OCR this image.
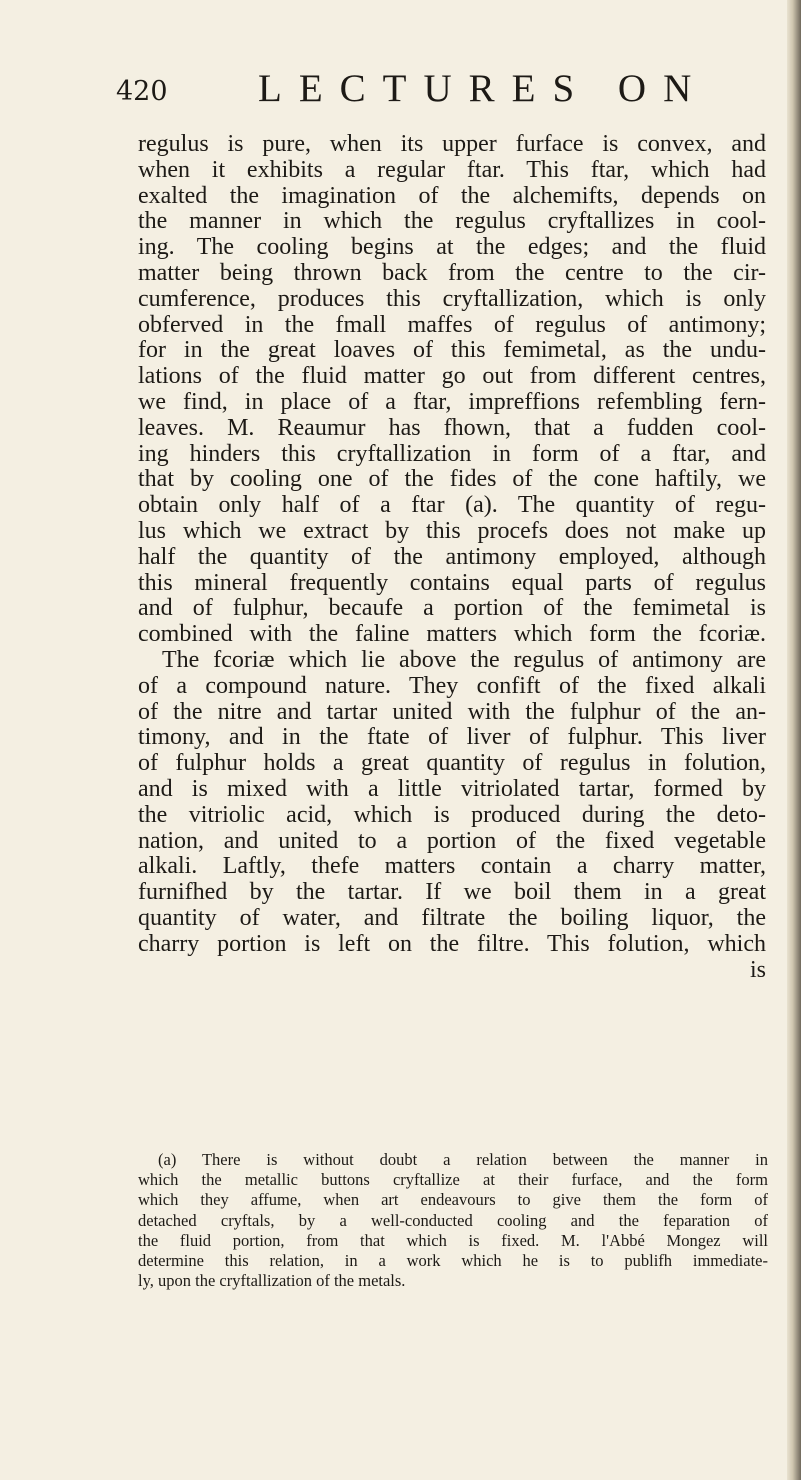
420 LECTURES ON
regulus is pure, when its upper furface is convex, and
when it exhibits a regular ftar. This ftar, which had
exalted the imagination of the alchemifts, depends on
the manner in which the regulus cryftallizes in cool-
ing. The cooling begins at the edges; and the fluid
matter being thrown back from the centre to the cir-
cumference, produces this cryftallization, which is only
obferved in the fmall maffes of regulus of antimony;
for in the great loaves of this femimetal, as the undu-
lations of the fluid matter go out from different centres,
we find, in place of a ftar, impreffions refembling fern-
leaves. M. Reaumur has fhown, that a fudden cool-
ing hinders this cryftallization in form of a ftar, and
that by cooling one of the fides of the cone haftily, we
obtain only half of a ftar (a). The quantity of regu-
lus which we extract by this procefs does not make up
half the quantity of the antimony employed, although
this mineral frequently contains equal parts of regulus
and of fulphur, becaufe a portion of the femimetal is
combined with the faline matters which form the fcoriæ.
The fcoriæ which lie above the regulus of antimony are
of a compound nature. They confift of the fixed alkali
of the nitre and tartar united with the fulphur of the an-
timony, and in the ftate of liver of fulphur. This liver
of fulphur holds a great quantity of regulus in folution,
and is mixed with a little vitriolated tartar, formed by
the vitriolic acid, which is produced during the deto-
nation, and united to a portion of the fixed vegetable
alkali. Laftly, thefe matters contain a charry matter,
furnifhed by the tartar. If we boil them in a great
quantity of water, and filtrate the boiling liquor, the
charry portion is left on the filtre. This folution, which
is
(a) There is without doubt a relation between the manner in
which the metallic buttons cryftallize at their furface, and the form
which they affume, when art endeavours to give them the form of
detached cryftals, by a well-conducted cooling and the feparation of
the fluid portion, from that which is fixed. M. l'Abbé Mongez will
determine this relation, in a work which he is to publifh immediate-
ly, upon the cryftallization of the metals.
